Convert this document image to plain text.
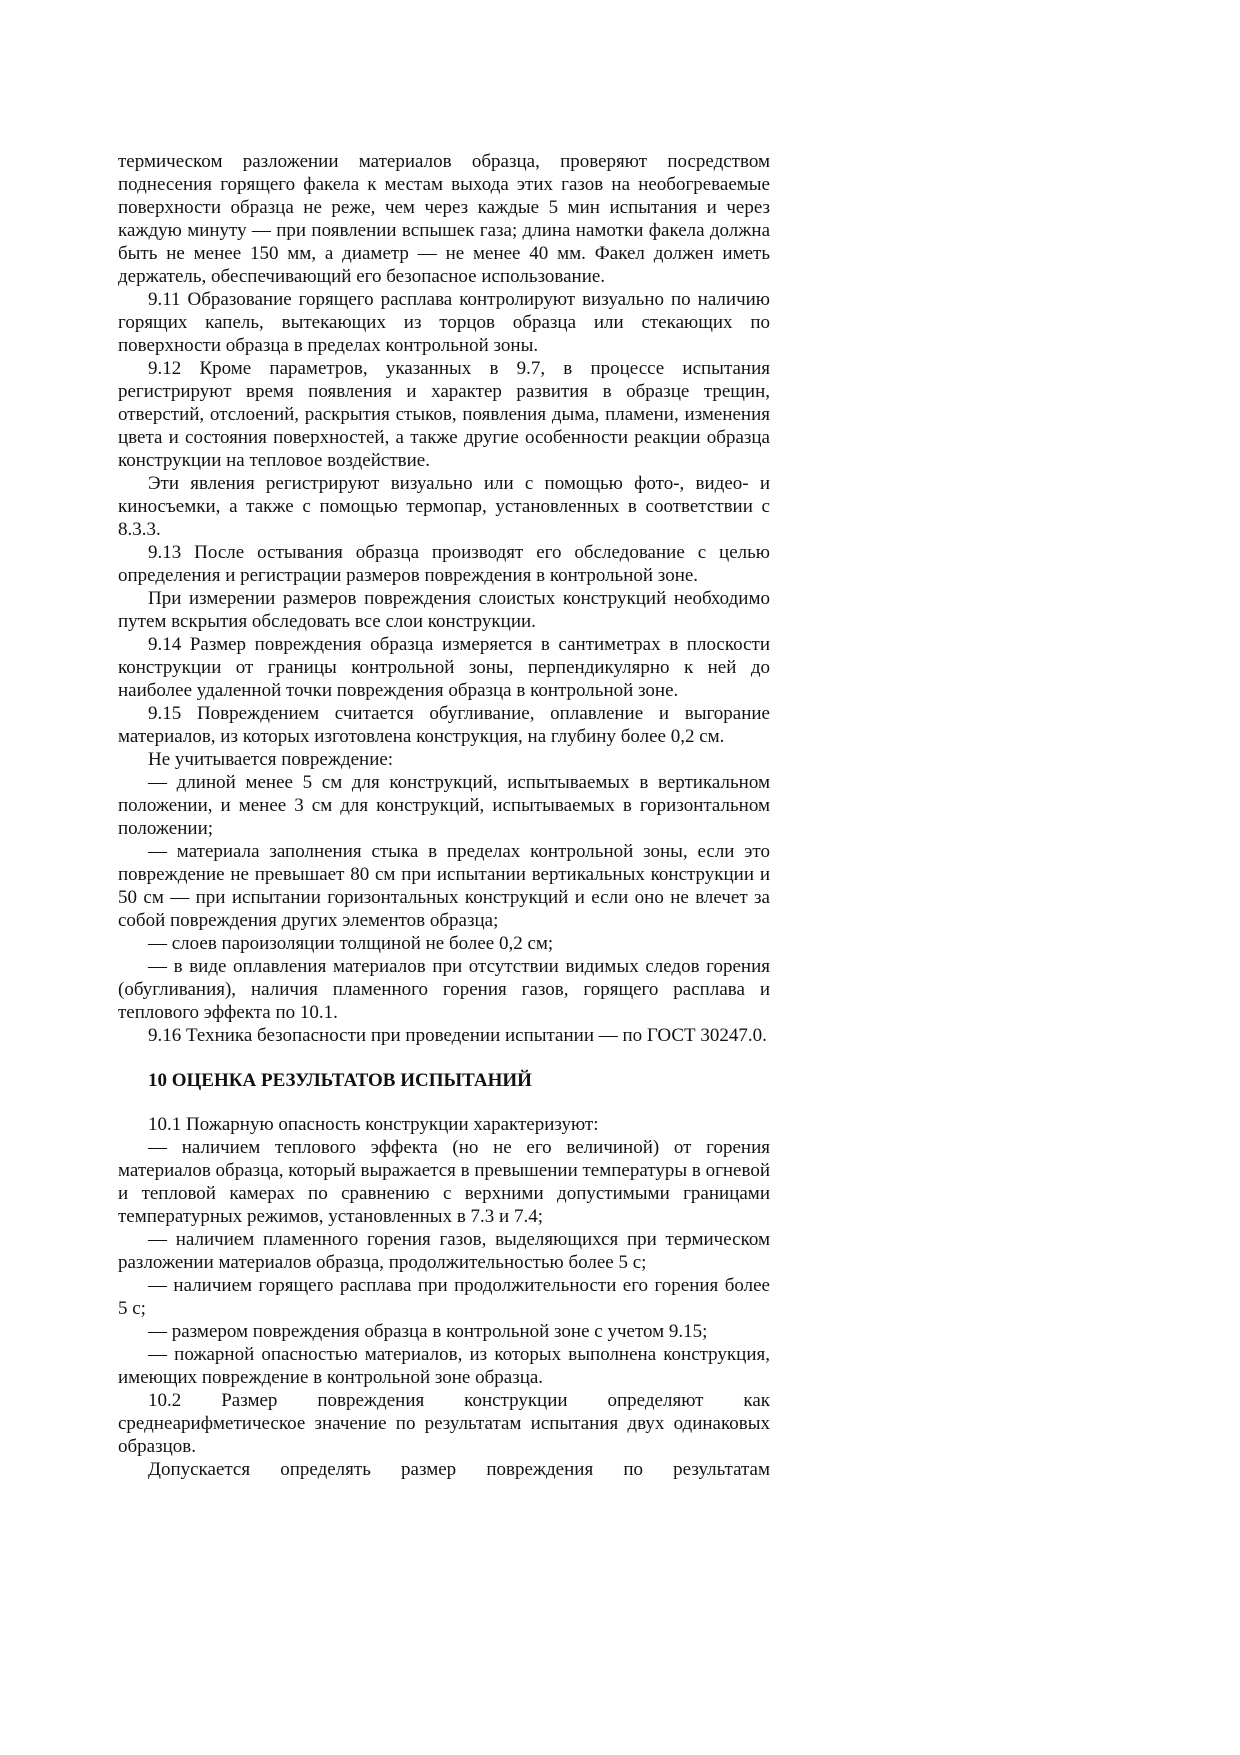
термическом разложении материалов образца, проверяют посредством поднесения горящего факела к местам выхода этих газов на необогреваемые поверхности образца не реже, чем через каждые 5 мин испытания и через каждую минуту — при появлении вспышек газа; длина намотки факела должна быть не менее 150 мм, а диаметр — не менее 40 мм. Факел должен иметь держатель, обеспечивающий его безопасное использование.

9.11 Образование горящего расплава контролируют визуально по наличию горящих капель, вытекающих из торцов образца или стекающих по поверхности образца в пределах контрольной зоны.

9.12 Кроме параметров, указанных в 9.7, в процессе испытания регистрируют время появления и характер развития в образце трещин, отверстий, отслоений, раскрытия стыков, появления дыма, пламени, изменения цвета и состояния поверхностей, а также другие особенности реакции образца конструкции на тепловое воздействие.

Эти явления регистрируют визуально или с помощью фото-, видео- и киносъемки, а также с помощью термопар, установленных в соответствии с 8.3.3.

9.13 После остывания образца производят его обследование с целью определения и регистрации размеров повреждения в контрольной зоне.

При измерении размеров повреждения слоистых конструкций необходимо путем вскрытия обследовать все слои конструкции.

9.14 Размер повреждения образца измеряется в сантиметрах в плоскости конструкции от границы контрольной зоны, перпендикулярно к ней до наиболее удаленной точки повреждения образца в контрольной зоне.

9.15 Повреждением считается обугливание, оплавление и выгорание материалов, из которых изготовлена конструкция, на глубину более 0,2 см.

Не учитывается повреждение:

— длиной менее 5 см для конструкций, испытываемых в вертикальном положении, и менее 3 см для конструкций, испытываемых в горизонтальном положении;

— материала заполнения стыка в пределах контрольной зоны, если это повреждение не превышает 80 см при испытании вертикальных конструкции и 50 см — при испытании горизонтальных конструкций и если оно не влечет за собой повреждения других элементов образца;

— слоев пароизоляции толщиной не более 0,2 см;

— в виде оплавления материалов при отсутствии видимых следов горения (обугливания), наличия пламенного горения газов, горящего расплава и теплового эффекта по 10.1.

9.16 Техника безопасности при проведении испытании — по ГОСТ 30247.0.

10 ОЦЕНКА РЕЗУЛЬТАТОВ ИСПЫТАНИЙ

10.1 Пожарную опасность конструкции характеризуют:

— наличием теплового эффекта (но не его величиной) от горения материалов образца, который выражается в превышении температуры в огневой и тепловой камерах по сравнению с верхними допустимыми границами температурных режимов, установленных в 7.3 и 7.4;

— наличием пламенного горения газов, выделяющихся при термическом разложении материалов образца, продолжительностью более 5 с;

— наличием горящего расплава при продолжительности его горения более 5 с;

— размером повреждения образца в контрольной зоне с учетом 9.15;

— пожарной опасностью материалов, из которых выполнена конструкция, имеющих повреждение в контрольной зоне образца.

10.2 Размер повреждения конструкции определяют как среднеарифметическое значение по результатам испытания двух одинаковых образцов.

Допускается определять размер повреждения по результатам
